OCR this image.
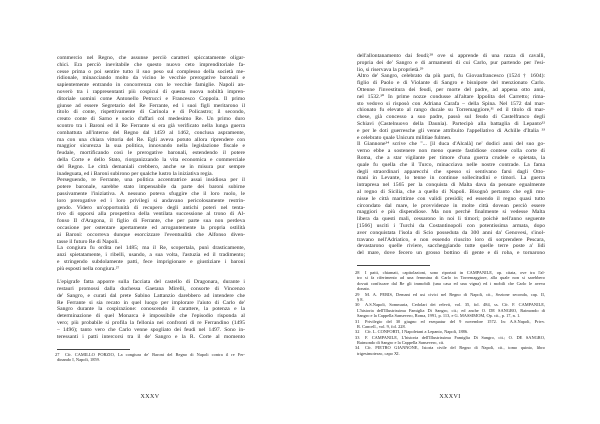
commercio nel Regno, che assunse perciò caratteri spiccatamente oligar-
chici. Era perciò inevitabile che questo nuovo ceto imprenditoriale fa-
cesse prima o poi sentire tutto il suo peso sul complesso della società me-
ridionale, minacciando molto da vicino le vecchie prerogative baronali e
sapientemente entrando in concorrenza con le vecchie famiglie. Napoli an-
noverò tra i rappresentanti più cospicui di questa nuova nobiltà impren-
ditoriale uomini come Antonello Petrucci e Francesco Coppola. Il primo
giunse ad essere Segretario del Re Ferrante, ed i suoi figli meritarono il
titolo di conte, rispettivamente di Carinola e di Policastro; il secondo,
creato conte di Sarno e socio d'affari col medesimo Re. Un primo duro
scontro tra i Baroni ed il Re Ferrante si era già verificato nella lunga guerra
combattuta all'interno del Regno dal 1459 al 1462, conclusa aspramente,
ma con una chiara vittoria del Re. Egli aveva potuto allora riprendere con
maggior sicurezza la sua politica, innovando nella legislazione fiscale e
feudale, mortificando così le prerogative baronali, estendendo il potere
della Corte e dello Stato, riorganizzando la vita economica e commerciale
del Regno. Le città demaniali crebbero, anche se in misura pur sempre
inadeguata, ed i Baroni subirono per qualche lustro la iniziativa regia.
Perseguendo, re Ferrante, una politica accentratrice assai insidiosa per il
potere baronale, sarebbe stato impensabile da parte dei baroni subirne
passivamente l'iniziativa. A nessuno poteva sfuggire che il loro ruolo, le
loro prerogative ed i loro privilegi si andavano pericolosamente restrin-
gendo. Videro un'opportunità di recupero degli antichi poteri nel tenta-
tivo di opporsi alla prospettiva della ventilata successione al trono di Al-
fonso II d'Aragona, il figlio di Ferrante, che per parte sua non perdeva
occasione per ostentare apertamente ed arrogantemente la propria ostilità
ai Baroni: occorreva dunque esorcizzare l'eventualità che Alfonso diven-
tasse il futuro Re di Napoli.
La congiura fu ordita nel 1485; ma il Re, scopertala, punì drasticamente,
anzi spietatamente, i ribelli, usando, a sua volta, l'astuzia ed il tradimento;
e stringendo subdolamente patti, fece imprigionare e giustiziare i baroni
più esposti nella congiura.²⁷
L'epigrafe fatta apporre sulla facciata del castello di Dragonara, durante i
restauri promossi dalla duchessa Gaetana Mirelli, consorte di Vincenzo
de' Sangro, e curati dal prete Sabino Lattanzio darebbero ad intendere che
Re Ferrante si sia recato in quel luogo per implorare l'aiuto di Carlo de'
Sangro durante la cospirazione: conoscendo il carattere, la potenza e la
determinazione di quel Monarca è impossibile che l'episodio risponda al
vero; più probabile si profila la fellonia nei confronti di re Ferrandino (1495
– 1496); tanto vero che Carlo venne spogliato dei feudi nel 1497. Sono in-
teressanti i patti intercorsi tra il de' Sangro e la R. Corte al momento
27 Cfr. CAMILLO PORZIO, La congiura de' Baroni del Regno di Napoli contra il re Fer-
dinando I, Napoli, 1859.
XXXV
dell'allontanamento dai feudi;²⁸ ove si apprende di una razza di cavalli,
propria dei de' Sangro e di armamenti di cui Carlo, pur partendo per l'esi-
lio, si riservava la proprietà.²⁹
Altro de' Sangro, celebrato da più parti, fu Giovanfrancesco (1524 † 1604):
figlio di Paolo e di Violante di Sangro e bisnipote del menzionato Carlo.
Ottenne l'investitura dei feudi, per morte del padre, ad appena otto anni,
nel 1532.³⁰ In prime nozze condusse all'altare Ippolita del Carretto; rima-
sto vedovo si risposò con Adriana Carafa – della Spina. Nel 1572 dal mar-
chionato fu elevato al rango ducale su Torremaggiore,³¹ ed il titolo di mar-
chese, già concesso a suo padre, passò sul feudo di Castelfranco degli
Schiavi (Castelnuovo della Daunia). Partecipò alla battaglia di Lepanto³²
e per le doti guerresche gli venne attribuito l'appellativo di Achille d'Italia ³³
e celebrato quale Unicum militiae fulmen.
Il Giannone³⁴ scrive che "... [il duca d'Alcalà] ne' dodici anni del suo go-
verno ebbe a sostenere non meno queste fastidiose contese colla corte di
Roma, che a star vigilante per timore d'una guerra crudele e spietata, la
quale fu quella che il Turco, minacciava nelle nostre contrade. La fama
degli straordinari apparecchi che spesso si sentivano farsi dagli Otto-
mani in Levante, lo tenne in continue sollecitudini e timori. La guerra
intrapresa nel 1565 per la conquista di Malta dava da pensare egualmente
al regno di Sicilia, che a quello di Napoli. Bisognò pertanto che egli mu-
nisse le città marittime con validi presidii; ed essendo il regno quasi tutto
circondato dal mare, le provvidenze in molte città dovean perciò essere
maggiori e più dispendiose. Ma non perchè finalmente si vedesse Malta
libera da questi mali, cessarono in noi li timori; poichè nell'anno seguente
[1566] usciti i Turchi da Costantinopoli con potentissima armata, dopo
aver conquistata l'isola di Scio posseduta da 300 anni da' Genovesi, s'inol-
travano nell'Adriatico, e non essendo riuscito loro di sorprendere Pescara,
devastarono quelle riviere, saccheggiando tutte quelle terre poste a' lidi
del mare, dove fecero un grosso bottino di gente e di roba, e tornarono
28 I patti, chiamati, capitolazioni, sono riportati in CAMPANILE, op. citata, ove tra l'al-
tro si fa riferimento ad una femmina di Carlo in Torremaggiore, alla quale non si sarebbero
dovuti confiscare dal Re gli immobili (una casa ed una vigna) ed i mobili che Carlo le aveva
donato.
29 M. A. PERIS, Demani ed usi civici nel Regno di Napoli, cit., Sezione seconda, cap. II,
§ 8.
30 A.S.Napoli, Sommaria, Cedolari dei relevii, vol. 35, fol. 484, ss. Cfr. F. CAMPANILE,
L'historia dell'Illustrissima Famiglia Di Sangro, cit.; ed anche O. DE SANGRO, Raimondo di
Sangro e la Cappella Sansevero, Roma, 1991, p. 113, e G. MASSIMOM, Op. cit., p. 17, n. 1.
31 Privilegio del 30 giugno ed esequatur del 9 novembre 1572. In: A.S.Napoli, Privv.
R. Cancell., vol. 9, fol. 228.
32 Cfr. L. CONFORTI, I Napoletani a Lepanto, Napoli, 1886.
33 F. CAMPANILE, L'historia dell'Illustrissima Famiglia Di Sangro, cit.; O. DE SANGRO,
Raimondo di Sangro e la Cappella Sansevero, cit.
34 Cfr. PIETRO GIANNONE, Istoria civile del Regno di Napoli, cit., tomo quinto, libro
trigesimoterzo, capo XI.
XXXVI
